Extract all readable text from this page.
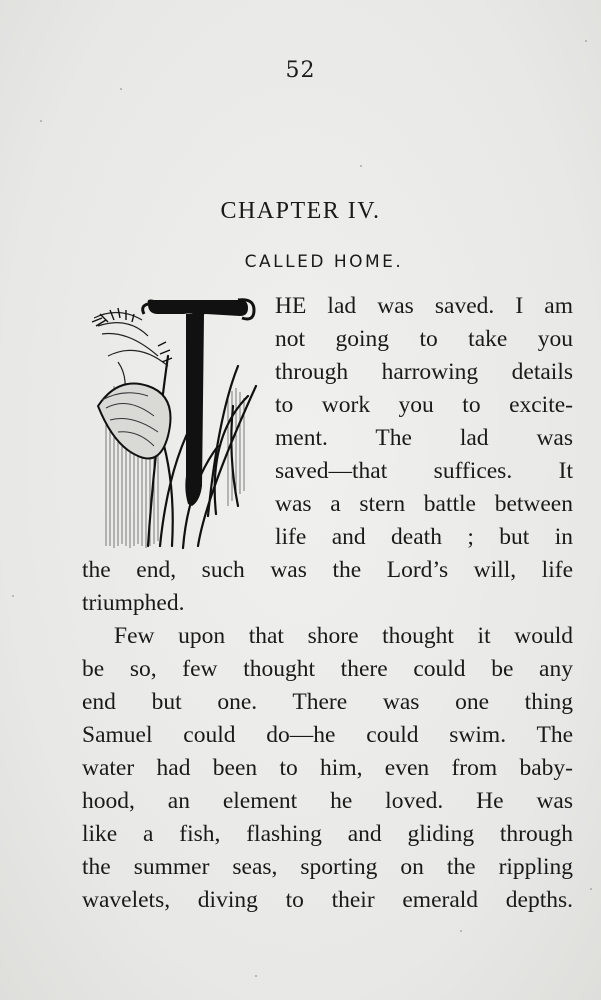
52
CHAPTER IV.
CALLED HOME.
HE lad was saved. I am
not going to take you
through harrowing details
to work you to excite-
ment. The lad was
saved—that suffices. It
was a stern battle between
life and death ; but in
the end, such was the Lord’s will, life
triumphed.
Few upon that shore thought it would
be so, few thought there could be any
end but one. There was one thing
Samuel could do—he could swim. The
water had been to him, even from baby-
hood, an element he loved. He was
like a fish, flashing and gliding through
the summer seas, sporting on the rippling
wavelets, diving to their emerald depths.
